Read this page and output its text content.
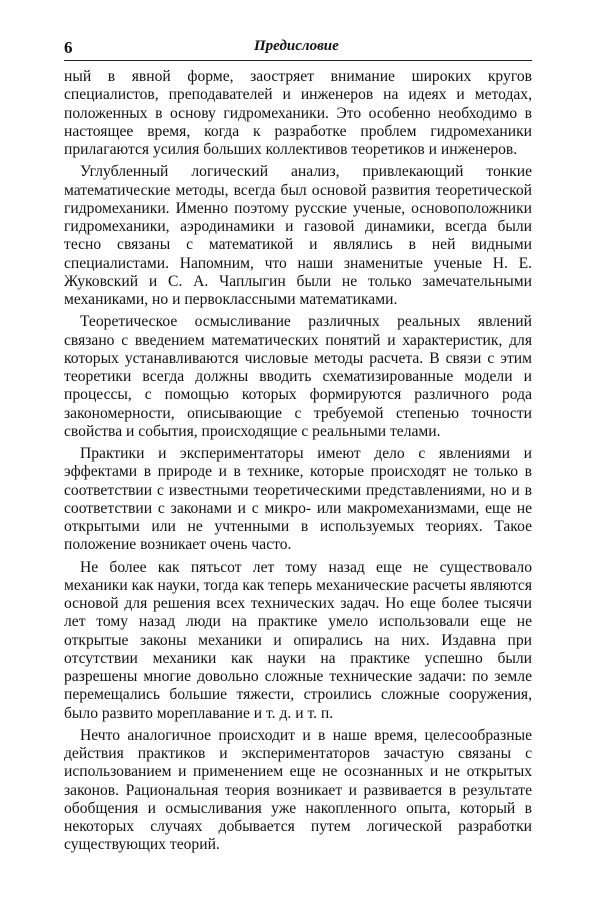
6	Предисловие

ный в явной форме, заостряет внимание широких кругов специалистов, преподавателей и инженеров на идеях и методах, положенных в основу гидромеханики. Это особенно необходимо в настоящее время, когда к разработке проблем гидромеханики прилагаются усилия больших коллективов теоретиков и инженеров.

Углубленный логический анализ, привлекающий тонкие математические методы, всегда был основой развития теоретической гидромеханики. Именно поэтому русские ученые, основоположники гидромеханики, аэродинамики и газовой динамики, всегда были тесно связаны с математикой и являлись в ней видными специалистами. Напомним, что наши знаменитые ученые Н. Е. Жуковский и С. А. Чаплыгин были не только замечательными механиками, но и первоклассными математиками.

Теоретическое осмысливание различных реальных явлений связано с введением математических понятий и характеристик, для которых устанавливаются числовые методы расчета. В связи с этим теоретики всегда должны вводить схематизированные модели и процессы, с помощью которых формируются различного рода закономерности, описывающие с требуемой степенью точности свойства и события, происходящие с реальными телами.

Практики и экспериментаторы имеют дело с явлениями и эффектами в природе и в технике, которые происходят не только в соответствии с известными теоретическими представлениями, но и в соответствии с законами и с микро- или макромеханизмами, еще не открытыми или не учтенными в используемых теориях. Такое положение возникает очень часто.

Не более как пятьсот лет тому назад еще не существовало механики как науки, тогда как теперь механические расчеты являются основой для решения всех технических задач. Но еще более тысячи лет тому назад люди на практике умело использовали еще не открытые законы механики и опирались на них. Издавна при отсутствии механики как науки на практике успешно были разрешены многие довольно сложные технические задачи: по земле перемещались большие тяжести, строились сложные сооружения, было развито мореплавание и т. д. и т. п.

Нечто аналогичное происходит и в наше время, целесообразные действия практиков и экспериментаторов зачастую связаны с использованием и применением еще не осознанных и не открытых законов. Рациональная теория возникает и развивается в результате обобщения и осмысливания уже накопленного опыта, который в некоторых случаях добывается путем логической разработки существующих теорий.
